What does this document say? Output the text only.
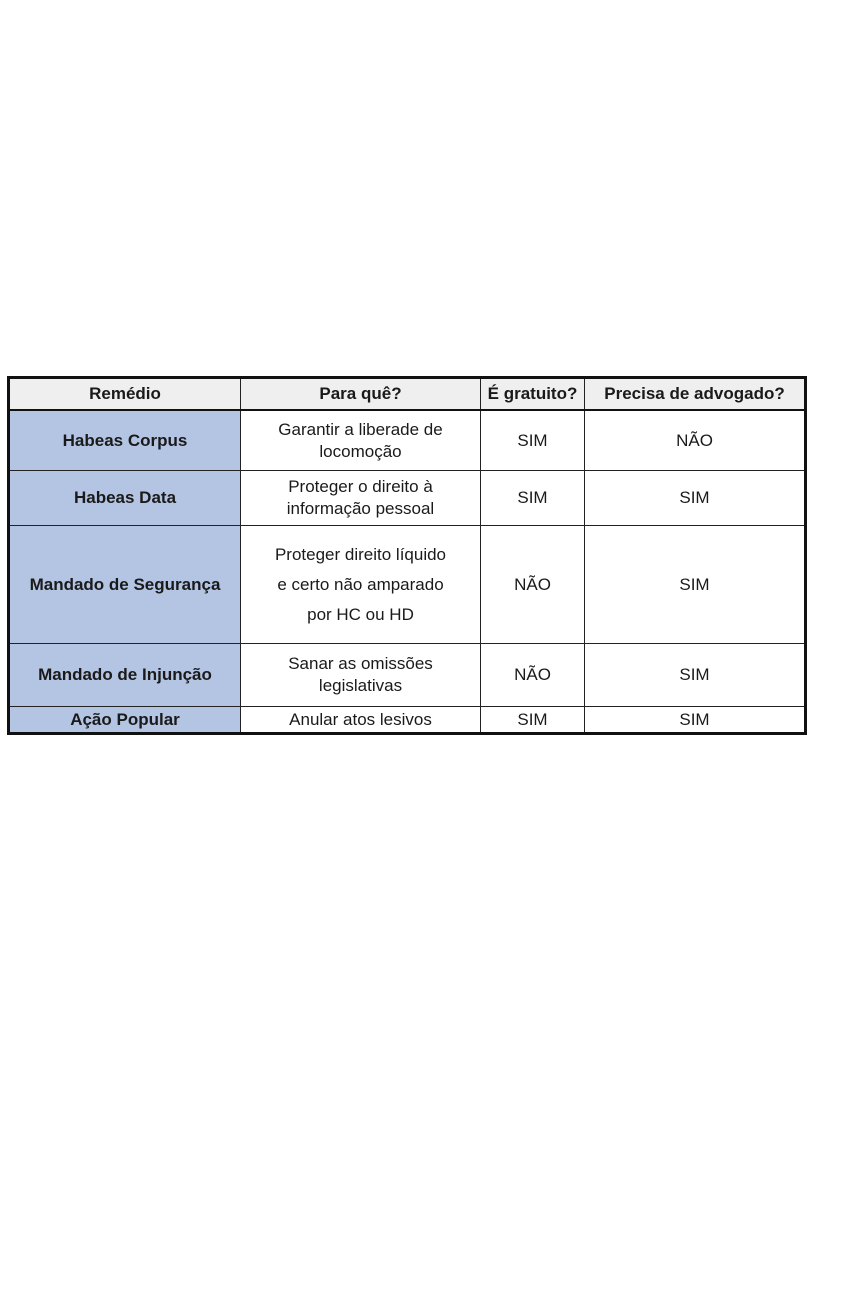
Remédio	Para quê?	É gratuito?	Precisa de advogado?
Habeas Corpus	Garantir a liberade de
locomoção	SIM	NÃO
Habeas Data	Proteger o direito à
informação pessoal	SIM	SIM
Mandado de Segurança	Proteger direito líquido
e certo não amparado
por HC ou HD	NÃO	SIM
Mandado de Injunção	Sanar as omissões
legislativas	NÃO	SIM
Ação Popular	Anular atos lesivos	SIM	SIM
